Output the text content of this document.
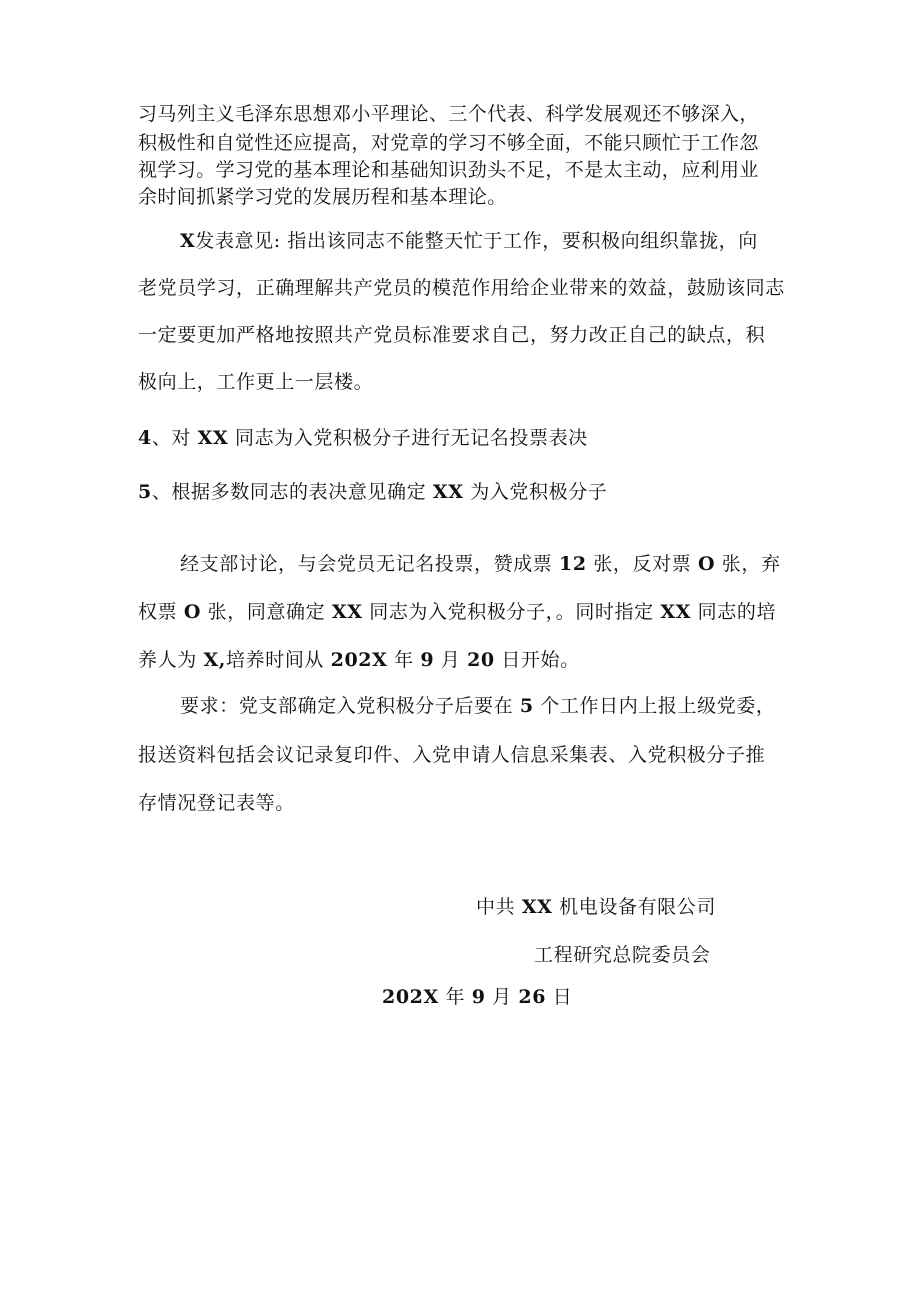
习马列主义毛泽东思想邓小平理论、三个代表、科学发展观还不够深入，
积极性和自觉性还应提高，对党章的学习不够全面，不能只顾忙于工作忽
视学习。学习党的基本理论和基础知识劲头不足，不是太主动，应利用业
余时间抓紧学习党的发展历程和基本理论。
X发表意见: 指出该同志不能整天忙于工作，要积极向组织靠拢，向
老党员学习，正确理解共产党员的模范作用给企业带来的效益，鼓励该同志
一定要更加严格地按照共产党员标准要求自己，努力改正自己的缺点，积
极向上，工作更上一层楼。
4、对 XX 同志为入党积极分子进行无记名投票表决
5、根据多数同志的表决意见确定 XX 为入党积极分子
经支部讨论，与会党员无记名投票，赞成票 12 张，反对票 O 张，弃
权票 O 张，同意确定 XX 同志为入党积极分子，。同时指定 XX 同志的培
养人为 X,培养时间从 202X 年 9 月 20 日开始。
要求：党支部确定入党积极分子后要在 5 个工作日内上报上级党委，
报送资料包括会议记录复印件、入党申请人信息采集表、入党积极分子推
存情况登记表等。
中共 XX 机电设备有限公司
工程研究总院委员会
202X 年 9 月 26 日
